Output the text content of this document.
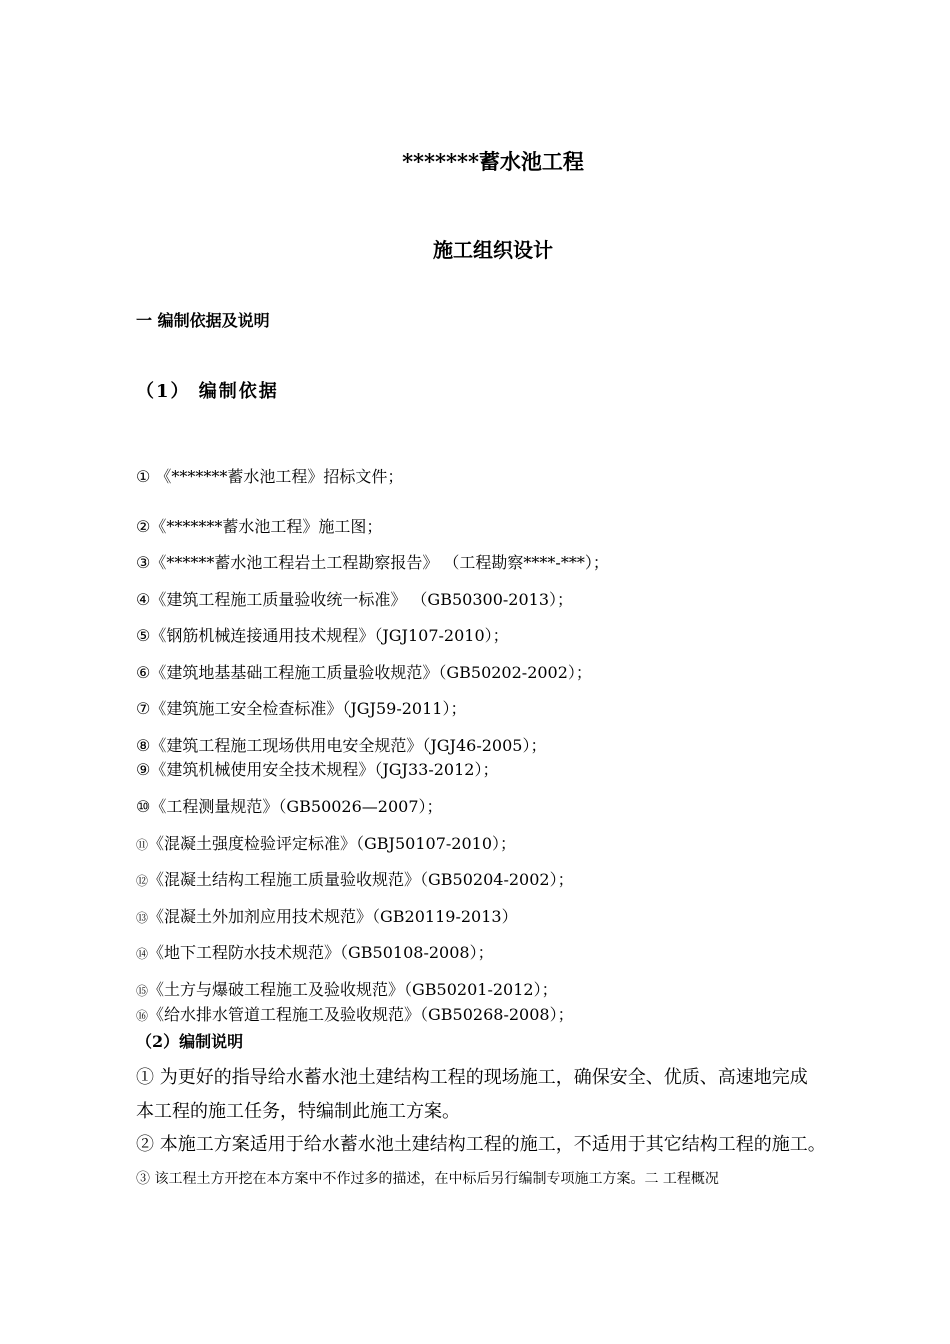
*******蓄水池工程
施工组织设计
一 编制依据及说明
（1） 编制依据
① 《*******蓄水池工程》招标文件；
②《*******蓄水池工程》施工图；
③《******蓄水池工程岩土工程勘察报告》 （工程勘察****-***）；
④《建筑工程施工质量验收统一标准》 （GB50300-2013）；
⑤《钢筋机械连接通用技术规程》（JGJ107-2010）；
⑥《建筑地基基础工程施工质量验收规范》（GB50202-2002）；
⑦《建筑施工安全检查标准》（JGJ59-2011）；
⑧《建筑工程施工现场供用电安全规范》（JGJ46-2005）；
⑨《建筑机械使用安全技术规程》（JGJ33-2012）；
⑩《工程测量规范》（GB50026—2007）；
⑪《混凝土强度检验评定标准》（GBJ50107-2010）；
⑫《混凝土结构工程施工质量验收规范》（GB50204-2002）；
⑬《混凝土外加剂应用技术规范》（GB20119-2013）
⑭《地下工程防水技术规范》（GB50108-2008）；
⑮《土方与爆破工程施工及验收规范》（GB50201-2012）；
⑯《给水排水管道工程施工及验收规范》（GB50268-2008）；
（2）编制说明
① 为更好的指导给水蓄水池土建结构工程的现场施工，确保安全、优质、高速地完成
本工程的施工任务，特编制此施工方案。
② 本施工方案适用于给水蓄水池土建结构工程的施工，不适用于其它结构工程的施工。
③ 该工程土方开挖在本方案中不作过多的描述，在中标后另行编制专项施工方案。二 工程概况
